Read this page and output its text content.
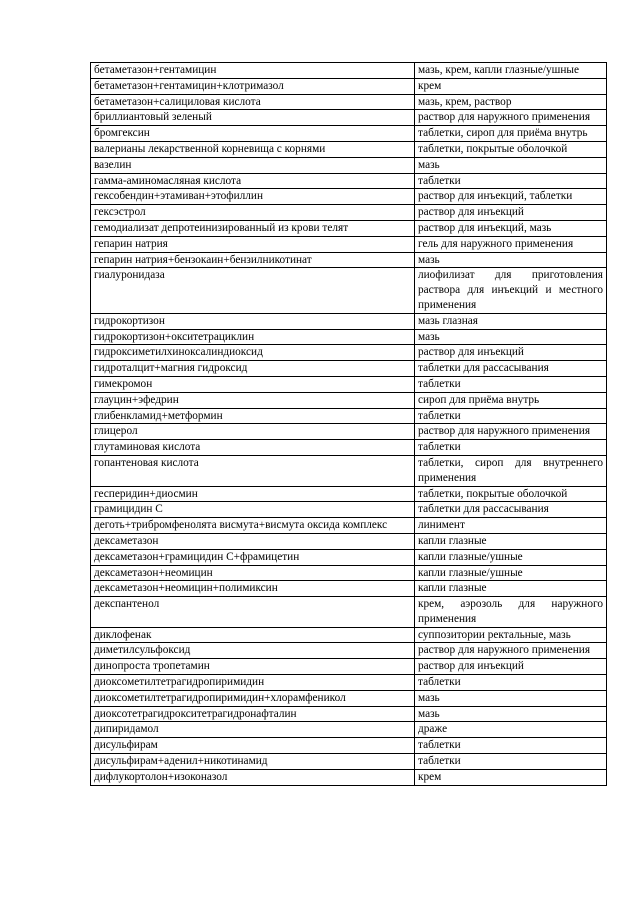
бетаметазон+гентамицин	мазь, крем, капли глазные/ушные
бетаметазон+гентамицин+клотримазол	крем
бетаметазон+салициловая кислота	мазь, крем, раствор
бриллиантовый зеленый	раствор для наружного применения
бромгексин	таблетки, сироп для приёма внутрь
валерианы лекарственной корневища с корнями	таблетки, покрытые оболочкой
вазелин	мазь
гамма-аминомасляная кислота	таблетки
гексобендин+этамиван+этофиллин	раствор для инъекций, таблетки
гексэстрол	раствор для инъекций
гемодиализат депротеинизированный из крови телят	раствор для инъекций, мазь
гепарин натрия	гель для наружного применения
гепарин натрия+бензокаин+бензилникотинат	мазь
гиалуронидаза	лиофилизат для приготовления раствора для инъекций и местного применения
гидрокортизон	мазь глазная
гидрокортизон+окситетрациклин	мазь
гидроксиметилхиноксалиндиоксид	раствор для инъекций
гидроталцит+магния гидроксид	таблетки для рассасывания
гимекромон	таблетки
глауцин+эфедрин	сироп для приёма внутрь
глибенкламид+метформин	таблетки
глицерол	раствор для наружного применения
глутаминовая кислота	таблетки
гопантеновая кислота	таблетки, сироп для внутреннего применения
гесперидин+диосмин	таблетки, покрытые оболочкой
грамицидин С	таблетки для рассасывания
деготь+трибромфенолята висмута+висмута оксида комплекс	линимент
дексаметазон	капли глазные
дексаметазон+грамицидин С+фрамицетин	капли глазные/ушные
дексаметазон+неомицин	капли глазные/ушные
дексаметазон+неомицин+полимиксин	капли глазные
декспантенол	крем, аэрозоль для наружного применения
диклофенак	суппозитории ректальные, мазь
диметилсульфоксид	раствор для наружного применения
динопроста тропетамин	раствор для инъекций
диоксометилтетрагидропиримидин	таблетки
диоксометилтетрагидропиримидин+хлорамфеникол	мазь
диоксотетрагидрокситетрагидронафталин	мазь
дипиридамол	драже
дисульфирам	таблетки
дисульфирам+аденил+никотинамид	таблетки
дифлукортолон+изоконазол	крем
